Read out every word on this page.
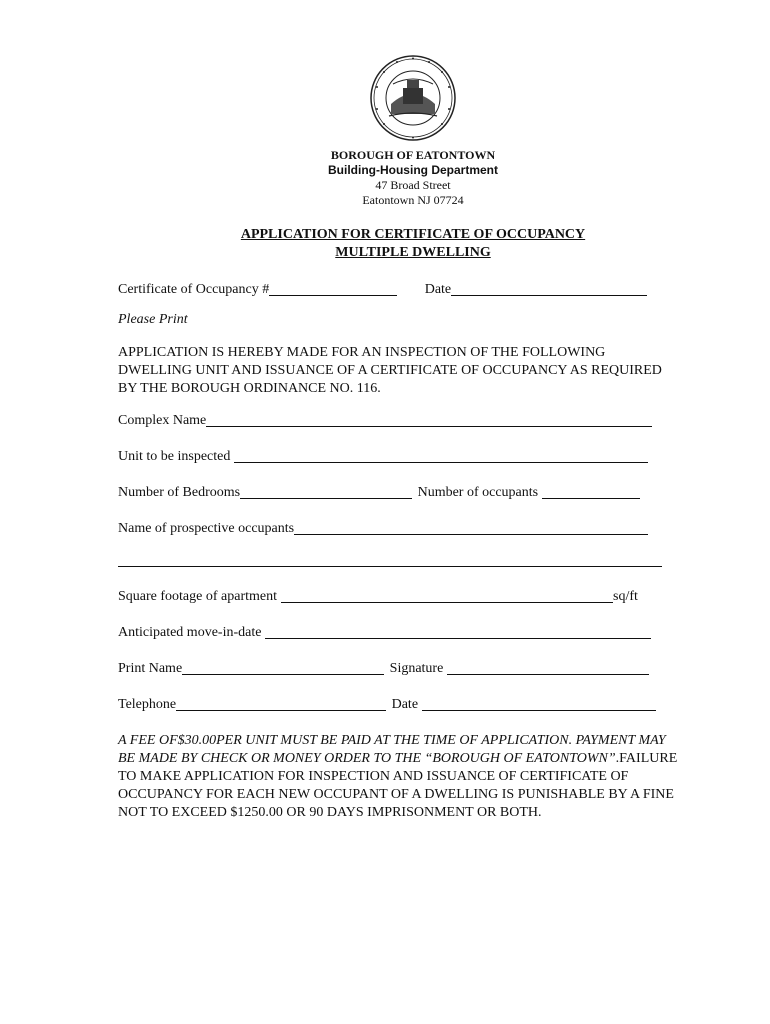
BOROUGH OF EATONTOWN
Building-Housing Department
47 Broad Street
Eatontown NJ 07724
APPLICATION FOR CERTIFICATE OF OCCUPANCY
MULTIPLE DWELLING
Certificate of Occupancy #	Date
Please Print
APPLICATION IS HEREBY MADE FOR AN INSPECTION OF THE FOLLOWING DWELLING UNIT AND ISSUANCE OF A CERTIFICATE OF OCCUPANCY AS REQUIRED BY THE BOROUGH ORDINANCE NO. 116.
Complex Name
Unit to be inspected
Number of Bedrooms	Number of occupants
Name of prospective occupants
Square footage of apartment	sq/ft
Anticipated move-in-date
Print Name	Signature
Telephone	Date
A FEE OF$30.00PER UNIT MUST BE PAID AT THE TIME OF APPLICATION. PAYMENT MAY BE MADE BY CHECK OR MONEY ORDER TO THE “BOROUGH OF EATONTOWN”.FAILURE TO MAKE APPLICATION FOR INSPECTION AND ISSUANCE OF CERTIFICATE OF OCCUPANCY FOR EACH NEW OCCUPANT OF A DWELLING IS PUNISHABLE BY A FINE NOT TO EXCEED $1250.00 OR 90 DAYS IMPRISONMENT OR BOTH.
